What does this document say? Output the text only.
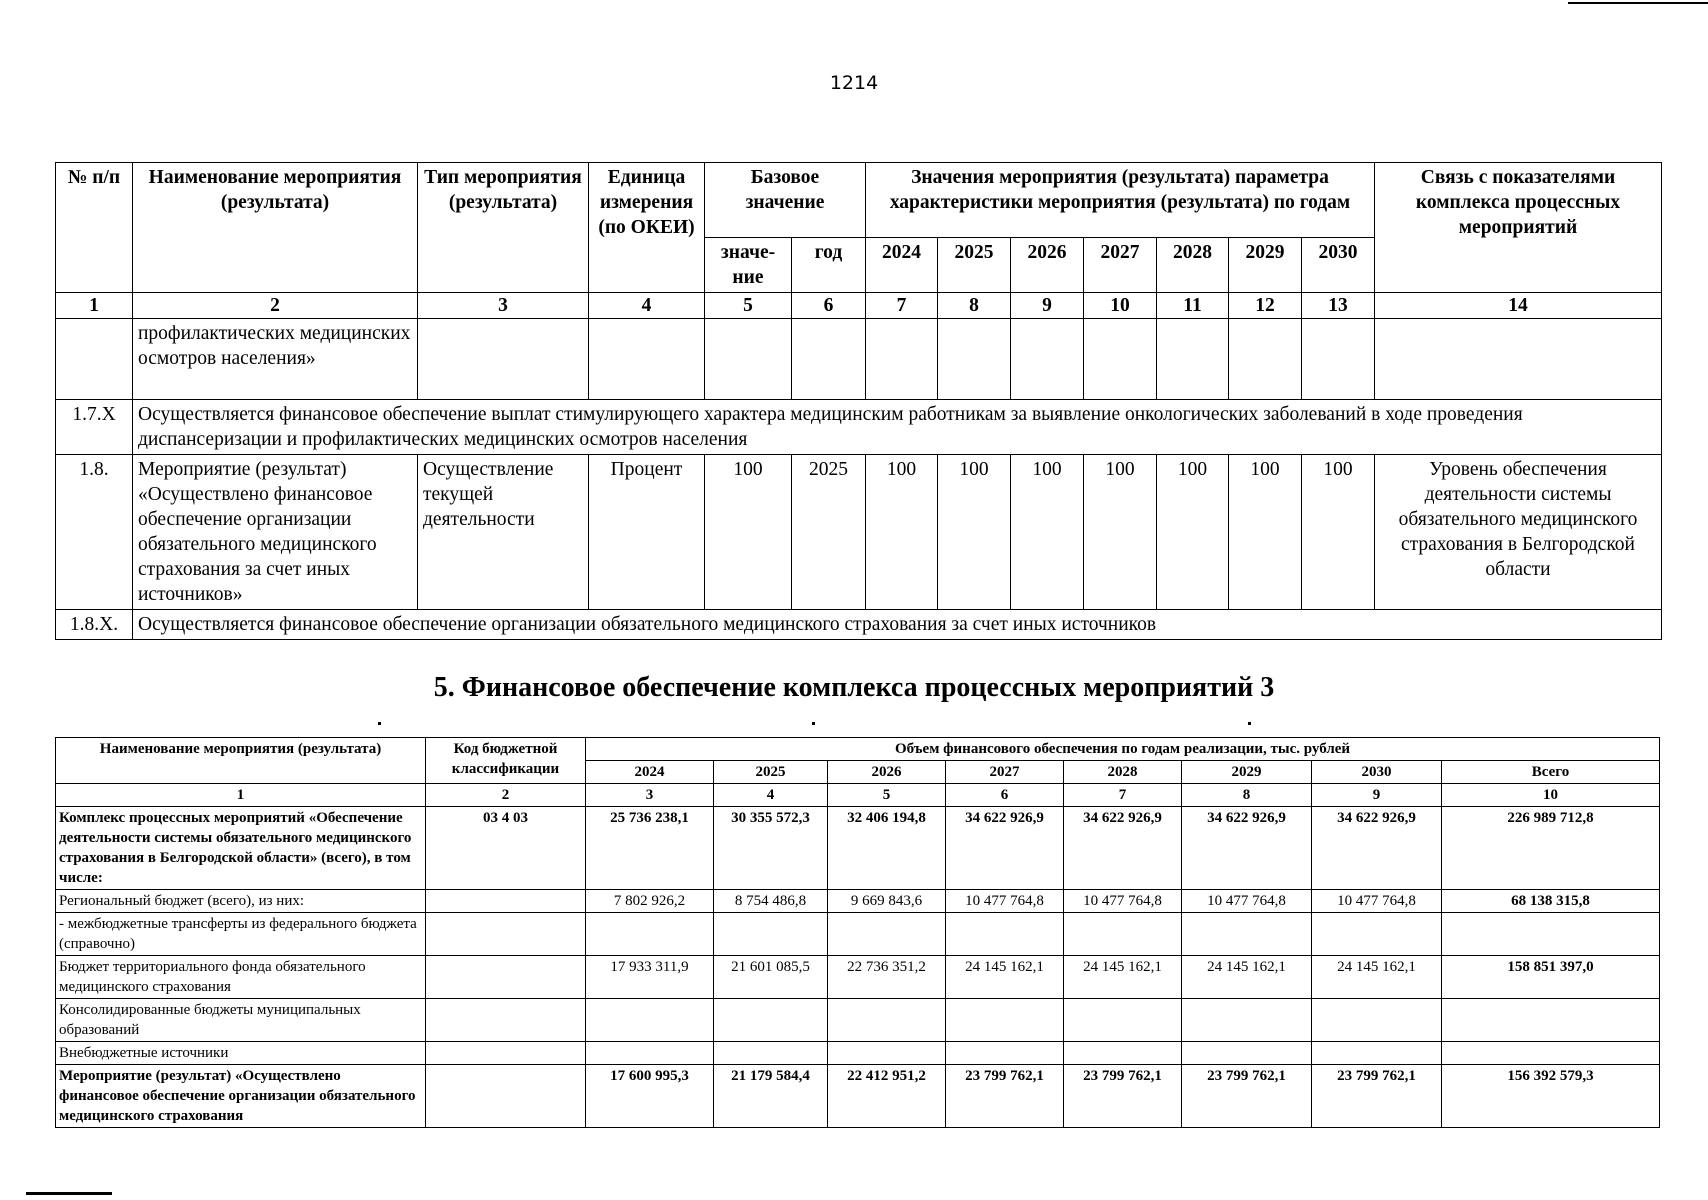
1214
№ п/п	Наименование мероприятия (результата)	Тип мероприятия (результата)	Единица измерения (по ОКЕИ)	Базовое значение		Значения мероприятия (результата) параметра характеристики мероприятия (результата) по годам							Связь с показателями комплекса процессных мероприятий
				значе-ние	год	2024	2025	2026	2027	2028	2029	2030	
1	2	3	4	5	6	7	8	9	10	11	12	13	14
	профилактических медицинских осмотров населения»												
1.7.X	Осуществляется финансовое обеспечение выплат стимулирующего характера медицинским работникам за выявление онкологических заболеваний в ходе проведения диспансеризации и профилактических медицинских осмотров населения												
1.8.	Мероприятие (результат) «Осуществлено финансовое обеспечение организации обязательного медицинского страхования за счет иных источников»	Осуществление текущей деятельности	Процент	100	2025	100	100	100	100	100	100	100	Уровень обеспечения деятельности системы обязательного медицинского страхования в Белгородской области
1.8.X.	Осуществляется финансовое обеспечение организации обязательного медицинского страхования за счет иных источников												
5. Финансовое обеспечение комплекса процессных мероприятий 3
Наименование мероприятия (результата)	Код бюджетной классификации	Объем финансового обеспечения по годам реализации, тыс. рублей							
		2024	2025	2026	2027	2028	2029	2030	Всего
1	2	3	4	5	6	7	8	9	10
Комплекс процессных мероприятий «Обеспечение деятельности системы обязательного медицинского страхования в Белгородской области» (всего), в том числе:	03 4 03	25 736 238,1	30 355 572,3	32 406 194,8	34 622 926,9	34 622 926,9	34 622 926,9	34 622 926,9	226 989 712,8
Региональный бюджет (всего), из них:		7 802 926,2	8 754 486,8	9 669 843,6	10 477 764,8	10 477 764,8	10 477 764,8	10 477 764,8	68 138 315,8
- межбюджетные трансферты из федерального бюджета (справочно)									
Бюджет территориального фонда обязательного медицинского страхования		17 933 311,9	21 601 085,5	22 736 351,2	24 145 162,1	24 145 162,1	24 145 162,1	24 145 162,1	158 851 397,0
Консолидированные бюджеты муниципальных образований									
Внебюджетные источники									
Мероприятие (результат) «Осуществлено финансовое обеспечение организации обязательного медицинского страхования		17 600 995,3	21 179 584,4	22 412 951,2	23 799 762,1	23 799 762,1	23 799 762,1	23 799 762,1	156 392 579,3
